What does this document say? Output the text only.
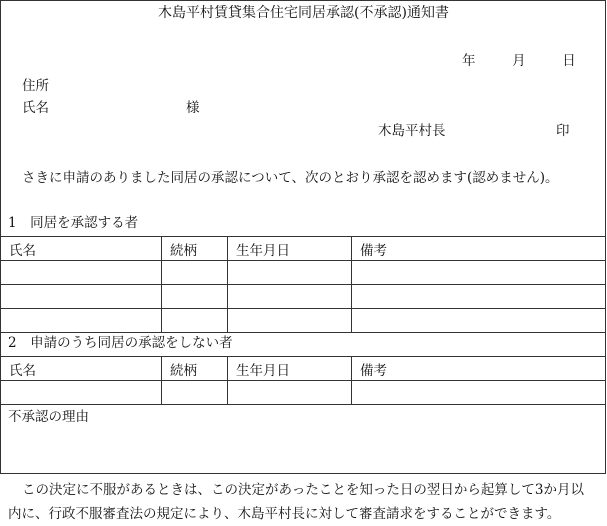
木島平村賃貸集合住宅同居承認(不承認)通知書
年	月	日
住所
氏名	様
木島平村長	印
さきに申請のありました同居の承認について、次のとおり承認を認めます(認めません)。
1　同居を承認する者
氏名	続柄	生年月日	備考

2　申請のうち同居の承認をしない者
氏名	続柄	生年月日	備考

不承認の理由
この決定に不服があるときは、この決定があったことを知った日の翌日から起算して3か月以
内に、行政不服審査法の規定により、木島平村長に対して審査請求をすることができます。
